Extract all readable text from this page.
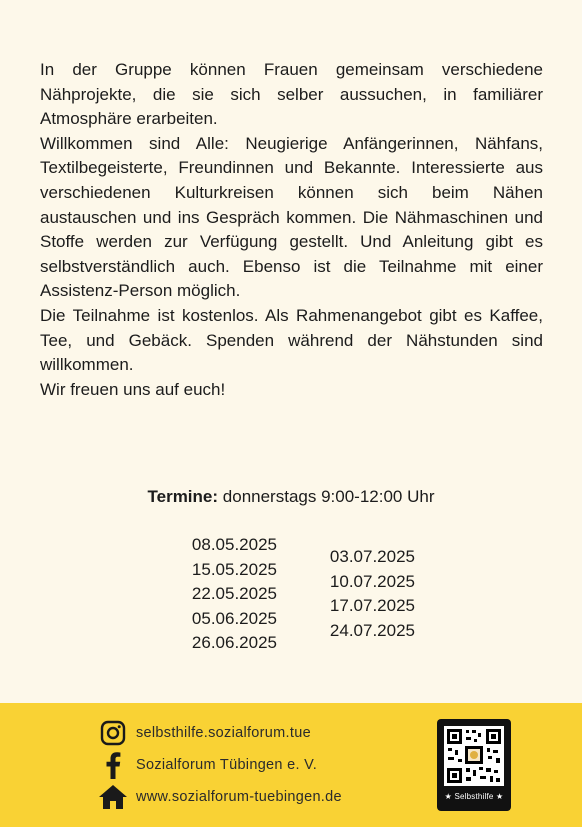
In der Gruppe können Frauen gemeinsam verschiedene Nähprojekte, die sie sich selber aussuchen, in familiärer Atmosphäre erarbeiten.

Willkommen sind Alle: Neugierige Anfängerinnen, Nähfans, Textilbegeisterte, Freundinnen und Bekannte. Interessierte aus verschiedenen Kulturkreisen können sich beim Nähen austauschen und ins Gespräch kommen. Die Nähmaschinen und Stoffe werden zur Verfügung gestellt. Und Anleitung gibt es selbstverständlich auch. Ebenso ist die Teilnahme mit einer Assistenz-Person möglich.

Die Teilnahme ist kostenlos. Als Rahmenangebot gibt es Kaffee, Tee, und Gebäck. Spenden während der Nähstunden sind willkommen.

Wir freuen uns auf euch!

Termine: donnerstags 9:00-12:00 Uhr
08.05.2025
15.05.2025
22.05.2025
05.06.2025
26.06.2025
03.07.2025
10.07.2025
17.07.2025
24.07.2025
selbsthilfe.sozialforum.tue
Sozialforum Tübingen e. V.
www.sozialforum-tuebingen.de	★ Selbsthilfe ★
